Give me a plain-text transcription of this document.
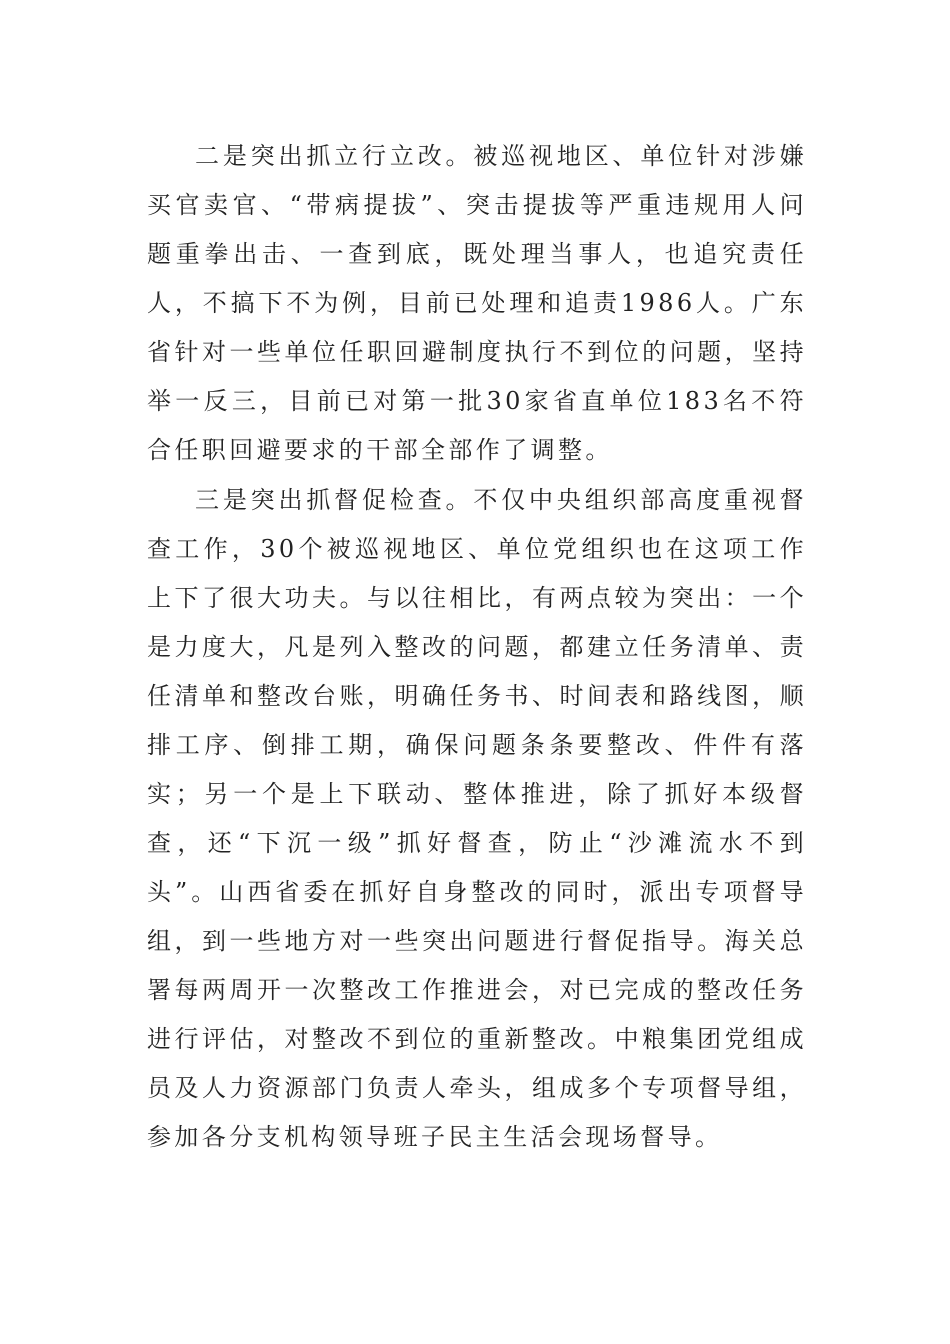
二是突出抓立行立改。被巡视地区、单位针对涉嫌买官卖官、“带病提拔”、突击提拔等严重违规用人问题重拳出击、一查到底，既处理当事人，也追究责任人，不搞下不为例，目前已处理和追责1986人。广东省针对一些单位任职回避制度执行不到位的问题，坚持举一反三，目前已对第一批30家省直单位183名不符合任职回避要求的干部全部作了调整。

三是突出抓督促检查。不仅中央组织部高度重视督查工作，30个被巡视地区、单位党组织也在这项工作上下了很大功夫。与以往相比，有两点较为突出：一个是力度大，凡是列入整改的问题，都建立任务清单、责任清单和整改台账，明确任务书、时间表和路线图，顺排工序、倒排工期，确保问题条条要整改、件件有落实；另一个是上下联动、整体推进，除了抓好本级督查，还“下沉一级”抓好督查，防止“沙滩流水不到头”。山西省委在抓好自身整改的同时，派出专项督导组，到一些地方对一些突出问题进行督促指导。海关总署每两周开一次整改工作推进会，对已完成的整改任务进行评估，对整改不到位的重新整改。中粮集团党组成员及人力资源部门负责人牵头，组成多个专项督导组，参加各分支机构领导班子民主生活会现场督导。
